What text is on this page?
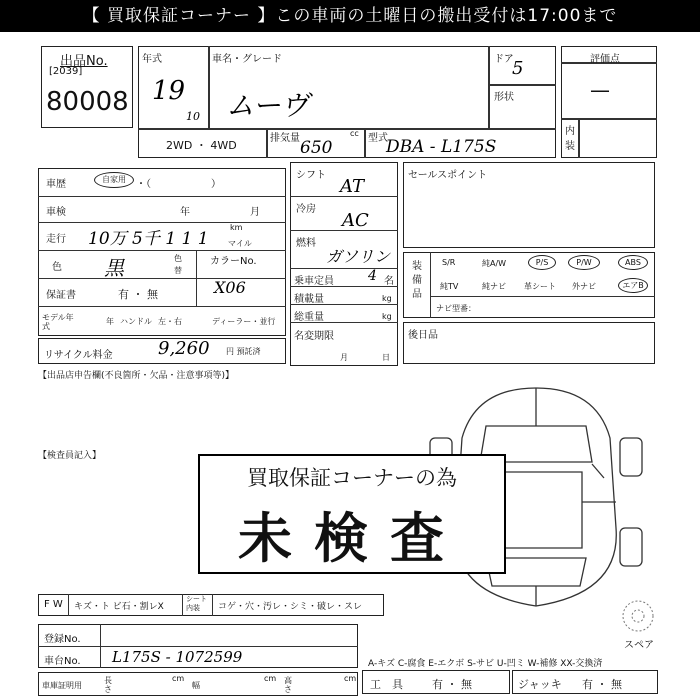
【 買取保証コーナー 】この車両の土曜日の搬出受付は17:00まで
出品No.
[2039]
80008
年式
19
10
車名・グレード
ムーヴ
ドア
5
形状
2WD ・ 4WD
排気量	cc
650	型式
DBA - L175S
評価点
—
内装
車歴	自家用	・（　　　　　　）
車検	年	月
走行 10万 5千 1 1 1
km
マイル
色 黒	色替
カラーNo.
X06
保証書	有 ・ 無
モデル年式
年 ハンドル 左・右	ディーラー・並行
シフト
AT
冷房
AC
燃料
ガソリン
乗車定員 4 名
積載量	kg
総重量	kg
名変期限
月	日
リサイクル料金	9,260 円 預託済
セールスポイント
装備品
S/R	純A/W	P/S	P/W	ABS
純TV	純ナビ 革シート 外ナビ	エアB
ナビ型番：
後日品
【出品店申告欄(不良箇所・欠品・注意事項等)】
【検査員記入】
スペア
買取保証コーナーの為
未検査
F W キズ・ト ビ石・割レX
シート内装	コゲ・穴・汚レ・シミ・破レ・スレ
登録No.
車台No. L175S - 1072599
車庫証明用
長さ
cm
幅
cm 高さ
cm
A-キズ C-腐食 E-エクボ S-サビ U-凹ミ W-補修 XX-交換済
工　具	有 ・ 無	ジャッキ 有 ・ 無
